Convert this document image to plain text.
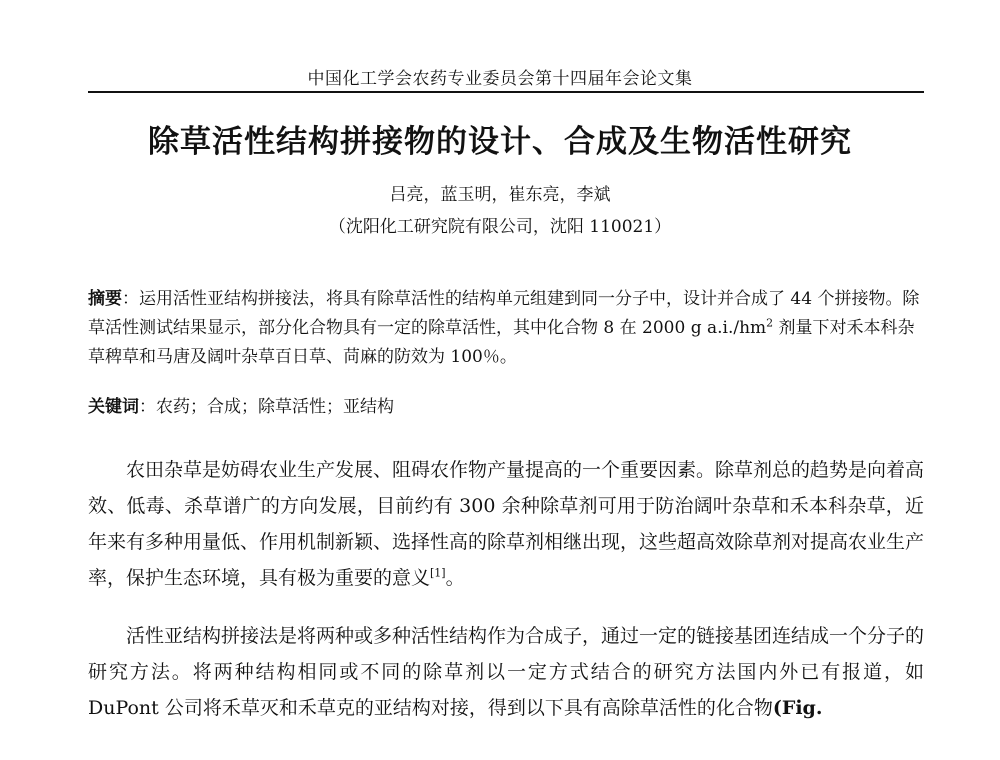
中国化工学会农药专业委员会第十四届年会论文集
除草活性结构拼接物的设计、合成及生物活性研究
吕亮，蓝玉明，崔东亮，李斌
（沈阳化工研究院有限公司，沈阳 110021）

摘要：运用活性亚结构拼接法，将具有除草活性的结构单元组建到同一分子中，设计并合成了 44 个拼接物。除草活性测试结果显示，部分化合物具有一定的除草活性，其中化合物 8 在 2000 g $a.i./hm^2$ 剂量下对禾本科杂草稗草和马唐及阔叶杂草百日草、苘麻的防效为 100％。

关键词：农药；合成；除草活性；亚结构

农田杂草是妨碍农业生产发展、阻碍农作物产量提高的一个重要因素。除草剂总的趋势是向着高效、低毒、杀草谱广的方向发展，目前约有 300 余种除草剂可用于防治阔叶杂草和禾本科杂草，近年来有多种用量低、作用机制新颖、选择性高的除草剂相继出现，这些超高效除草剂对提高农业生产率，保护生态环境，具有极为重要的意义[1]。

活性亚结构拼接法是将两种或多种活性结构作为合成子，通过一定的链接基团连结成一个分子的研究方法。将两种结构相同或不同的除草剂以一定方式结合的研究方法国内外已有报道，如 DuPont 公司将禾草灭和禾草克的亚结构对接，得到以下具有高除草活性的化合物(Fig.
